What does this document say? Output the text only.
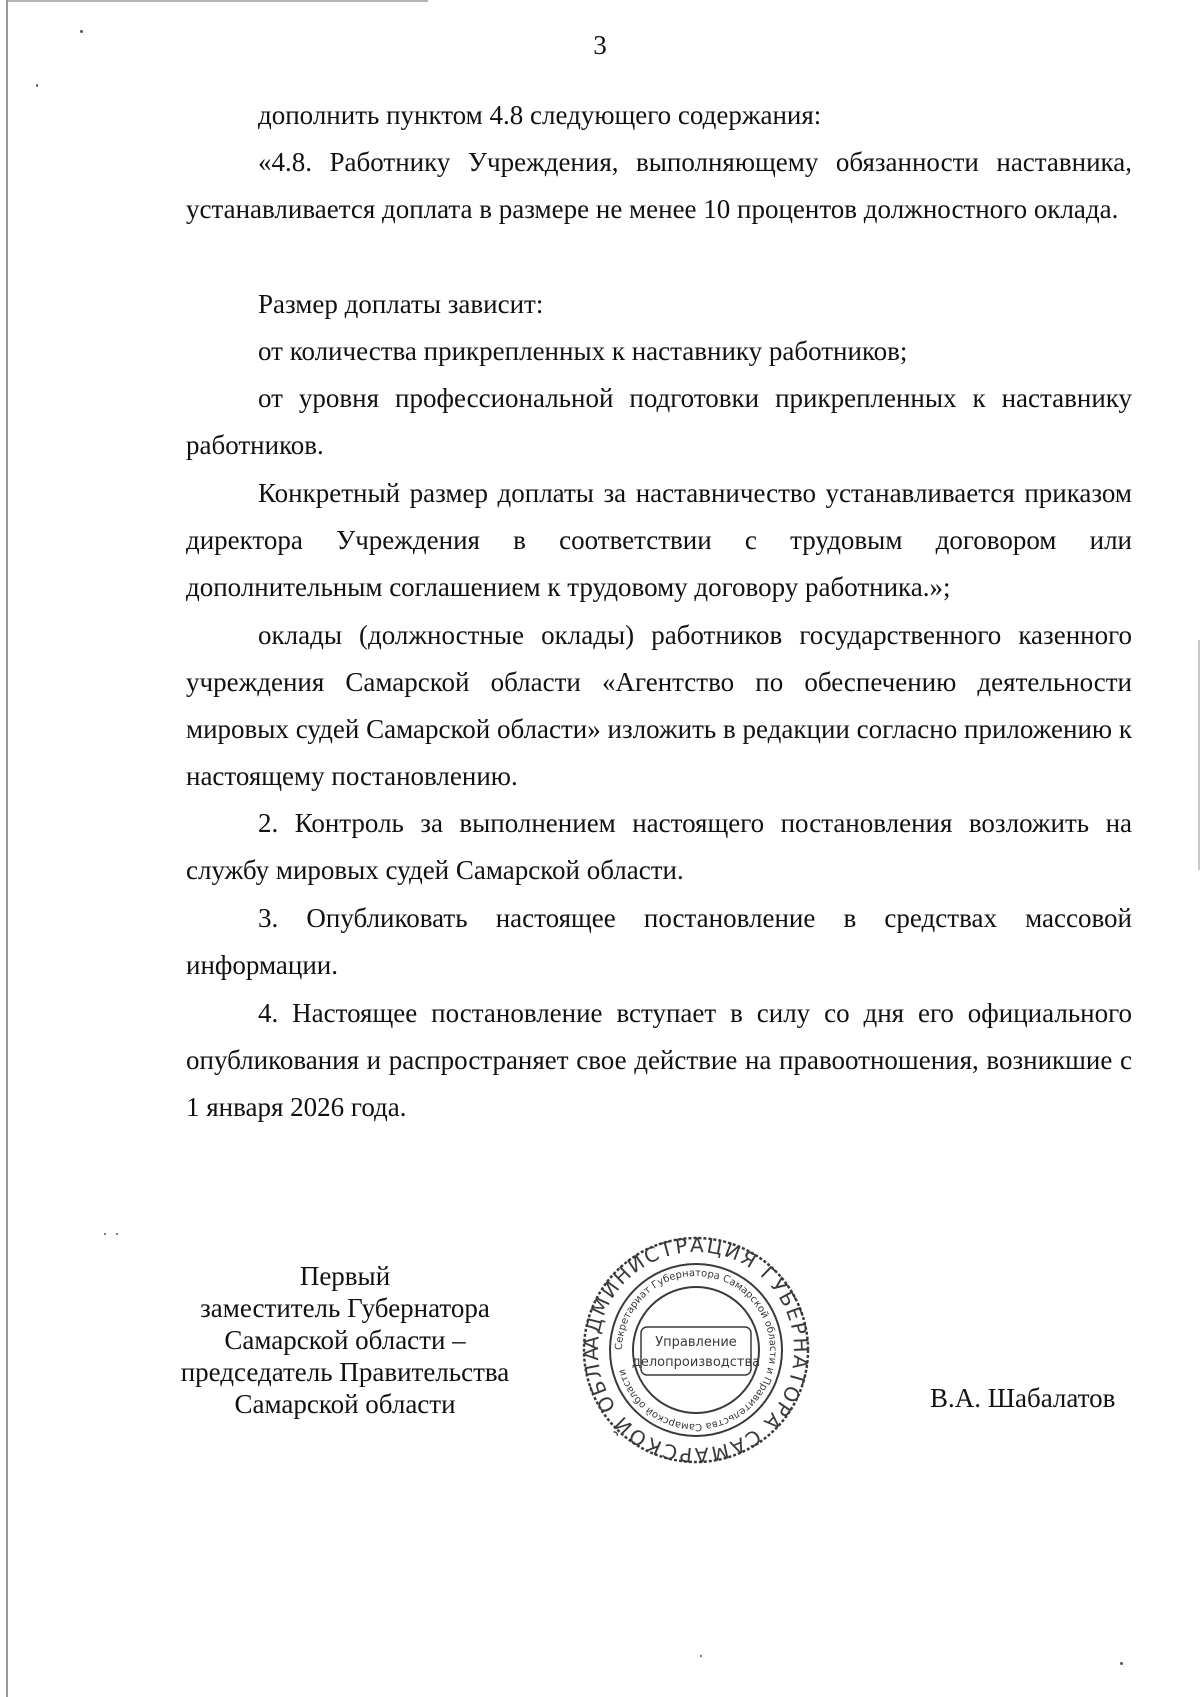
3

дополнить пунктом 4.8 следующего содержания:

«4.8. Работнику Учреждения, выполняющему обязанности наставника, устанавливается доплата в размере не менее 10 процентов должностного оклада.

Размер доплаты зависит:

от количества прикрепленных к наставнику работников;

от уровня профессиональной подготовки прикрепленных к наставнику работников.

Конкретный размер доплаты за наставничество устанавливается приказом директора Учреждения в соответствии с трудовым договором или дополнительным соглашением к трудовому договору работника.»;

оклады (должностные оклады) работников государственного казенного учреждения Самарской области «Агентство по обеспечению деятельности мировых судей Самарской области» изложить в редакции согласно приложению к настоящему постановлению.

2. Контроль за выполнением настоящего постановления возложить на службу мировых судей Самарской области.

3. Опубликовать настоящее постановление в средствах массовой информации.

4. Настоящее постановление вступает в силу со дня его официального опубликования и распространяет свое действие на правоотношения, возникшие с 1 января 2026 года.

Первый
заместитель Губернатора
Самарской области –
председатель Правительства
Самарской области
АДМИНИСТРАЦИЯ ГУБЕРНАТОРА САМАРСКОЙ ОБЛА	Секретариат Губернатора Самарской области и Правительства Самарской области
Управление
делопроизводства
В.А. Шабалатов
